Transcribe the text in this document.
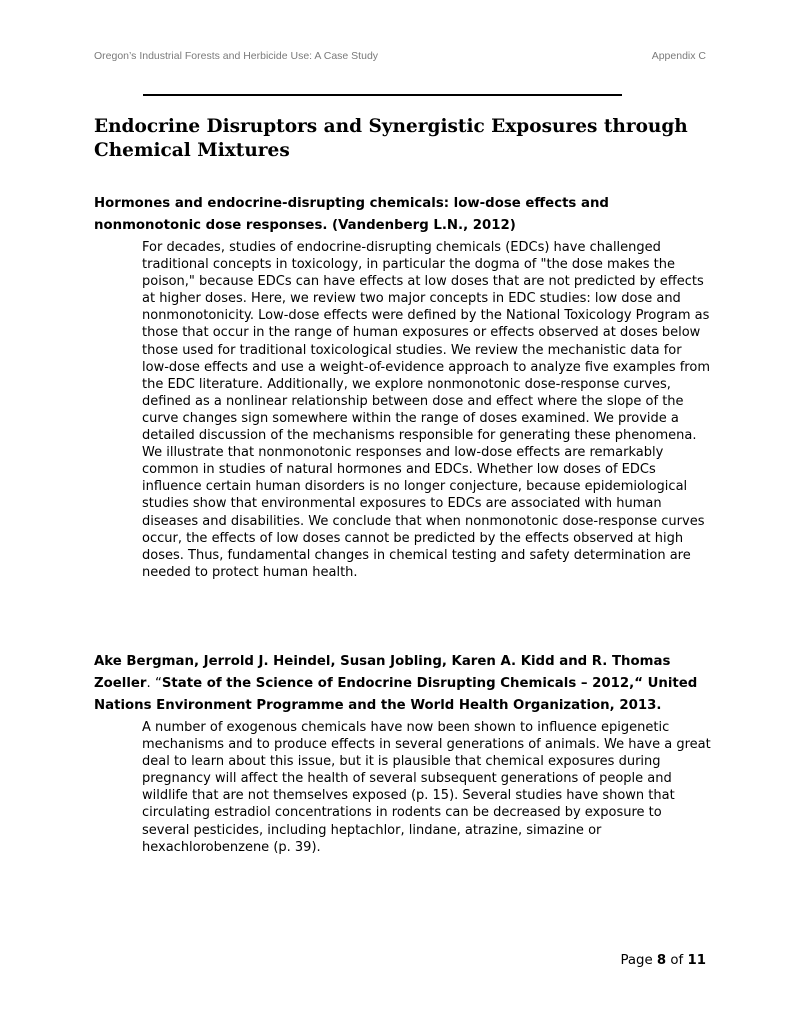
Oregon’s Industrial Forests and Herbicide Use: A Case Study	Appendix C
Endocrine Disruptors and Synergistic Exposures through Chemical Mixtures

Hormones and endocrine-disrupting chemicals: low-dose effects and nonmonotonic dose responses. (Vandenberg L.N., 2012)

For decades, studies of endocrine-disrupting chemicals (EDCs) have challenged traditional concepts in toxicology, in particular the dogma of "the dose makes the poison," because EDCs can have effects at low doses that are not predicted by effects at higher doses. Here, we review two major concepts in EDC studies: low dose and nonmonotonicity. Low-dose effects were defined by the National Toxicology Program as those that occur in the range of human exposures or effects observed at doses below those used for traditional toxicological studies. We review the mechanistic data for low-dose effects and use a weight-of-evidence approach to analyze five examples from the EDC literature. Additionally, we explore nonmonotonic dose-response curves, defined as a nonlinear relationship between dose and effect where the slope of the curve changes sign somewhere within the range of doses examined. We provide a detailed discussion of the mechanisms responsible for generating these phenomena. We illustrate that nonmonotonic responses and low-dose effects are remarkably common in studies of natural hormones and EDCs. Whether low doses of EDCs influence certain human disorders is no longer conjecture, because epidemiological studies show that environmental exposures to EDCs are associated with human diseases and disabilities. We conclude that when nonmonotonic dose-response curves occur, the effects of low doses cannot be predicted by the effects observed at high doses. Thus, fundamental changes in chemical testing and safety determination are needed to protect human health.

Ake Bergman, Jerrold J. Heindel, Susan Jobling, Karen A. Kidd and R. Thomas Zoeller. “State of the Science of Endocrine Disrupting Chemicals – 2012,“ United Nations Environment Programme and the World Health Organization, 2013.

A number of exogenous chemicals have now been shown to influence epigenetic mechanisms and to produce effects in several generations of animals. We have a great deal to learn about this issue, but it is plausible that chemical exposures during pregnancy will affect the health of several subsequent generations of people and wildlife that are not themselves exposed (p. 15). Several studies have shown that circulating estradiol concentrations in rodents can be decreased by exposure to several pesticides, including heptachlor, lindane, atrazine, simazine or hexachlorobenzene (p. 39).

Page 8 of 11
